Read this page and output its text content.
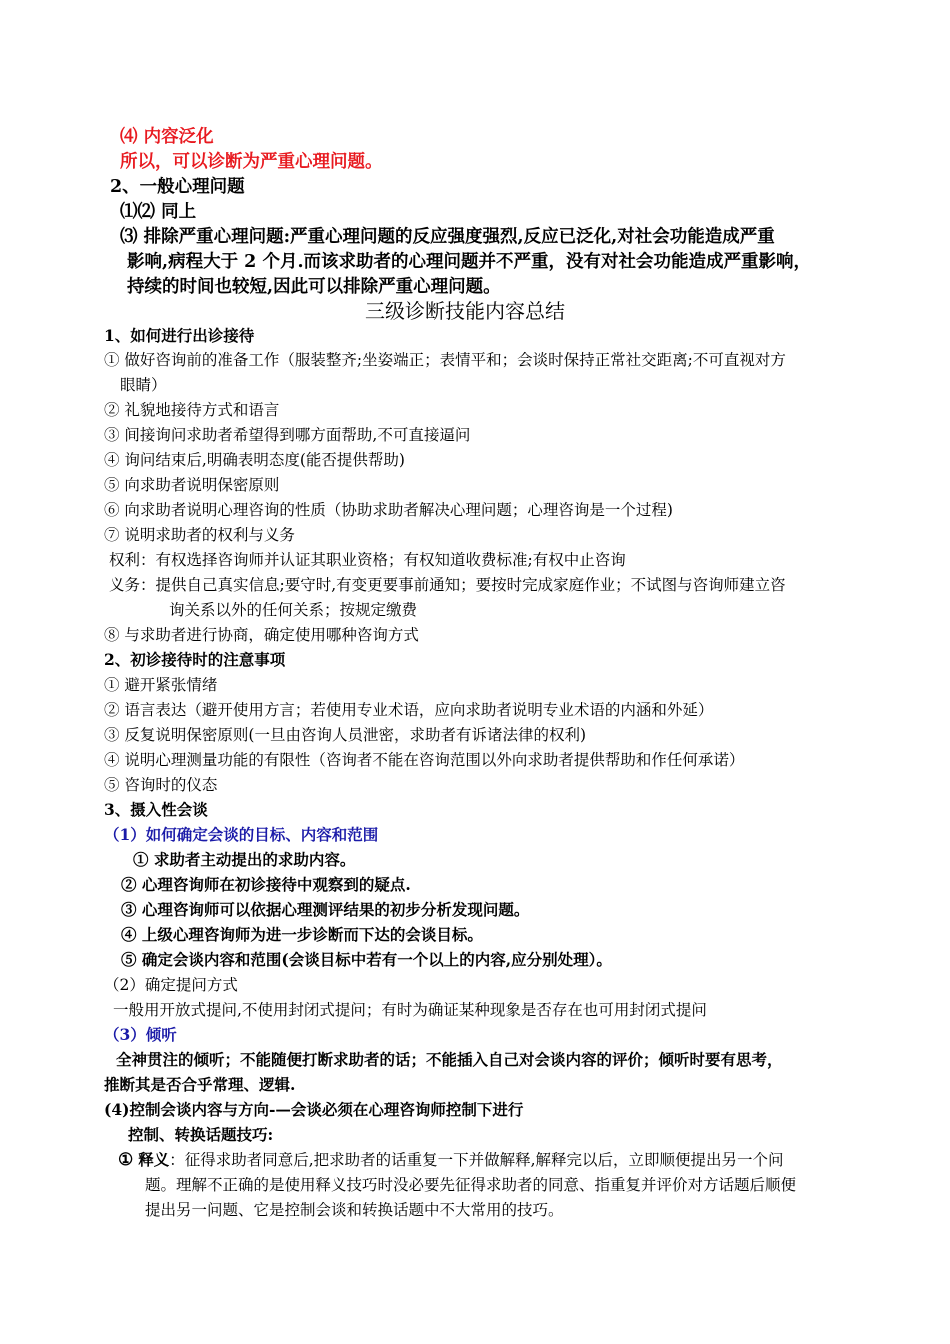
⑷ 内容泛化
所以，可以诊断为严重心理问题。
2、一般心理问题
⑴⑵ 同上
⑶ 排除严重心理问题:严重心理问题的反应强度强烈,反应已泛化,对社会功能造成严重
影响,病程大于 2 个月.而该求助者的心理问题并不严重，没有对社会功能造成严重影响，
持续的时间也较短,因此可以排除严重心理问题。
三级诊断技能内容总结
1、如何进行出诊接待
① 做好咨询前的准备工作（服装整齐;坐姿端正；表情平和；会谈时保持正常社交距离;不可直视对方
眼睛）
② 礼貌地接待方式和语言
③ 间接询问求助者希望得到哪方面帮助,不可直接逼问
④ 询问结束后,明确表明态度(能否提供帮助)
⑤ 向求助者说明保密原则
⑥ 向求助者说明心理咨询的性质（协助求助者解决心理问题；心理咨询是一个过程)
⑦ 说明求助者的权利与义务
权利：有权选择咨询师并认证其职业资格；有权知道收费标准;有权中止咨询
义务：提供自己真实信息;要守时,有变更要事前通知；要按时完成家庭作业；不试图与咨询师建立咨
询关系以外的任何关系；按规定缴费
⑧ 与求助者进行协商，确定使用哪种咨询方式
2、初诊接待时的注意事项
① 避开紧张情绪
② 语言表达（避开使用方言；若使用专业术语，应向求助者说明专业术语的内涵和外延）
③ 反复说明保密原则(一旦由咨询人员泄密，求助者有诉诸法律的权利)
④ 说明心理测量功能的有限性（咨询者不能在咨询范围以外向求助者提供帮助和作任何承诺）
⑤ 咨询时的仪态
3、摄入性会谈
（1）如何确定会谈的目标、内容和范围
① 求助者主动提出的求助内容。
② 心理咨询师在初诊接待中观察到的疑点.
③ 心理咨询师可以依据心理测评结果的初步分析发现问题。
④ 上级心理咨询师为进一步诊断而下达的会谈目标。
⑤ 确定会谈内容和范围(会谈目标中若有一个以上的内容,应分别处理）。
（2）确定提问方式
一般用开放式提问,不使用封闭式提问；有时为确证某种现象是否存在也可用封闭式提问
（3）倾听
全神贯注的倾听；不能随便打断求助者的话；不能插入自己对会谈内容的评价；倾听时要有思考，
推断其是否合乎常理、逻辑.
(4)控制会谈内容与方向-—会谈必须在心理咨询师控制下进行
控制、转换话题技巧:
① 释义：征得求助者同意后,把求助者的话重复一下并做解释,解释完以后，立即顺便提出另一个问
题。理解不正确的是使用释义技巧时没必要先征得求助者的同意、指重复并评价对方话题后顺便
提出另一问题、它是控制会谈和转换话题中不大常用的技巧。
